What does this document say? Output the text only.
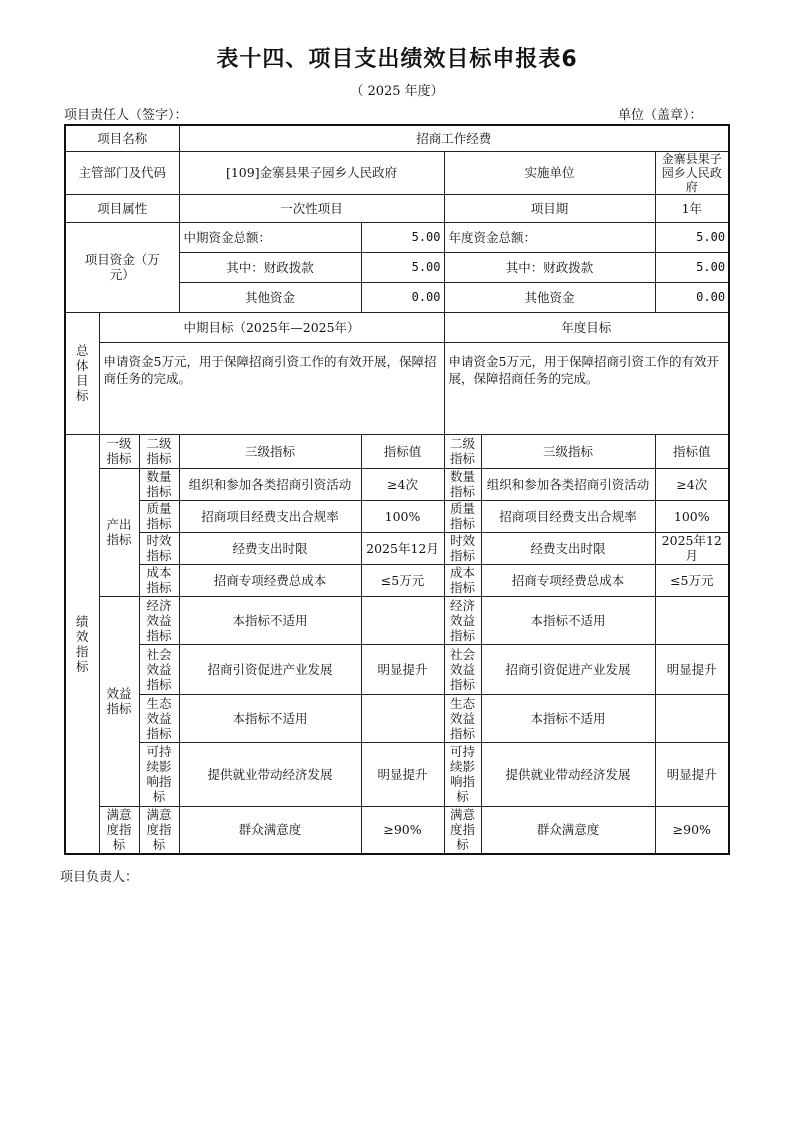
表十四、项目支出绩效目标申报表6
（ 2025 年度）
项目责任人（签字）：	单位（盖章）：
项目名称			招商工作经费				
主管部门及代码			[109]金寨县果子园乡人民政府		实施单位		金寨县果子园乡人民政府
项目属性			一次性项目		项目期		1年
项目资金（万元）			中期资金总额：	5.00	年度资金总额：		5.00
			其中：财政拨款	5.00	其中：财政拨款		5.00
			其他资金	0.00	其他资金		0.00
总体目标	中期目标（2025年—2025年）				年度目标		
	申请资金5万元，用于保障招商引资工作的有效开展，保障招商任务的完成。				申请资金5万元，用于保障招商引资工作的有效开展，保障招商任务的完成。		
绩效指标	一级指标	二级指标	三级指标	指标值	二级指标	三级指标	指标值
	产出指标	数量指标	组织和参加各类招商引资活动	≥4次	数量指标	组织和参加各类招商引资活动	≥4次
		质量指标	招商项目经费支出合规率	100%	质量指标	招商项目经费支出合规率	100%
		时效指标	经费支出时限	2025年12月	时效指标	经费支出时限	2025年12月
		成本指标	招商专项经费总成本	≤5万元	成本指标	招商专项经费总成本	≤5万元
	效益指标	经济效益指标	本指标不适用		经济效益指标	本指标不适用	
		社会效益指标	招商引资促进产业发展	明显提升	社会效益指标	招商引资促进产业发展	明显提升
		生态效益指标	本指标不适用		生态效益指标	本指标不适用	
		可持续影响指标	提供就业带动经济发展	明显提升	可持续影响指标	提供就业带动经济发展	明显提升
	满意度指标	满意度指标	群众满意度	≥90%	满意度指标	群众满意度	≥90%
项目负责人：
